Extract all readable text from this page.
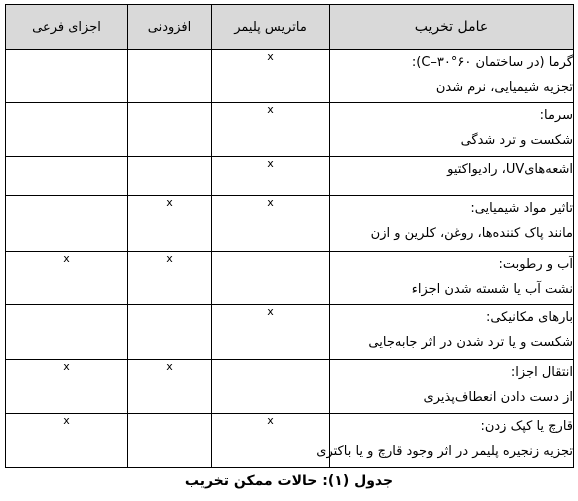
عامل تخریب	ماتریس پلیمر	افزودنی	اجزای فرعی

گرما (در ساختمان ۶۰°C–۳۰):
تجزیه شیمیایی، نرم شدن	x		

سرما:
شکست و ترد شدگی	x		

اشعه‌هایUV، رادیواکتیو	x		

تاثیر مواد شیمیایی:
مانند پاک کننده‌ها، روغن، کلرین و ازن	x	x	

آب و رطوبت:
نشت آب یا شسته شدن اجزاء		x	x

بارهای مکانیکی:
شکست و یا ترد شدن در اثر جابه‌جایی	x		

انتقال اجزا:
از دست دادن انعطاف‌پذیری		x	x

قارچ یا کپک زدن:
تجزیه زنجیره پلیمر در اثر وجود قارچ و یا باکتری	x		x
جدول (۱): حالات ممکن تخریب
